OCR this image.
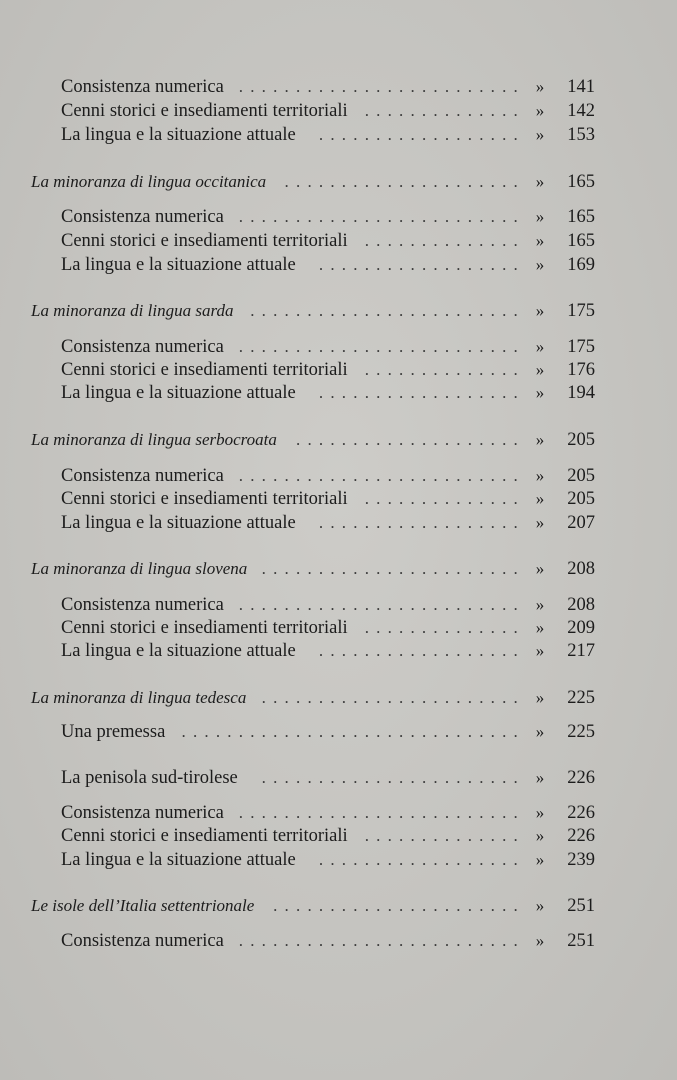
.........................
Consistenza numerica	»	141
..............
Cenni storici e insediamenti territoriali	»	142
..................
La lingua e la situazione attuale	»	153
.....................
La minoranza di lingua occitanica	»	165
.........................
Consistenza numerica	»	165
..............
Cenni storici e insediamenti territoriali	»	165
..................
La lingua e la situazione attuale	»	169
........................
La minoranza di lingua sarda	»	175
.........................
Consistenza numerica	»	175
..............
Cenni storici e insediamenti territoriali	»	176
..................
La lingua e la situazione attuale	»	194
....................
La minoranza di lingua serbocroata	»	205
.........................
Consistenza numerica	»	205
..............
Cenni storici e insediamenti territoriali	»	205
..................
La lingua e la situazione attuale	»	207
.......................
La minoranza di lingua slovena	»	208
.........................
Consistenza numerica	»	208
..............
Cenni storici e insediamenti territoriali	»	209
..................
La lingua e la situazione attuale	»	217
.......................
La minoranza di lingua tedesca	»	225
..............................
Una premessa	»	225
.......................
La penisola sud-tirolese	»	226
.........................
Consistenza numerica	»	226
..............
Cenni storici e insediamenti territoriali	»	226
..................
La lingua e la situazione attuale	»	239
......................
Le isole dell’Italia settentrionale	»	251
.........................
Consistenza numerica	»	251
